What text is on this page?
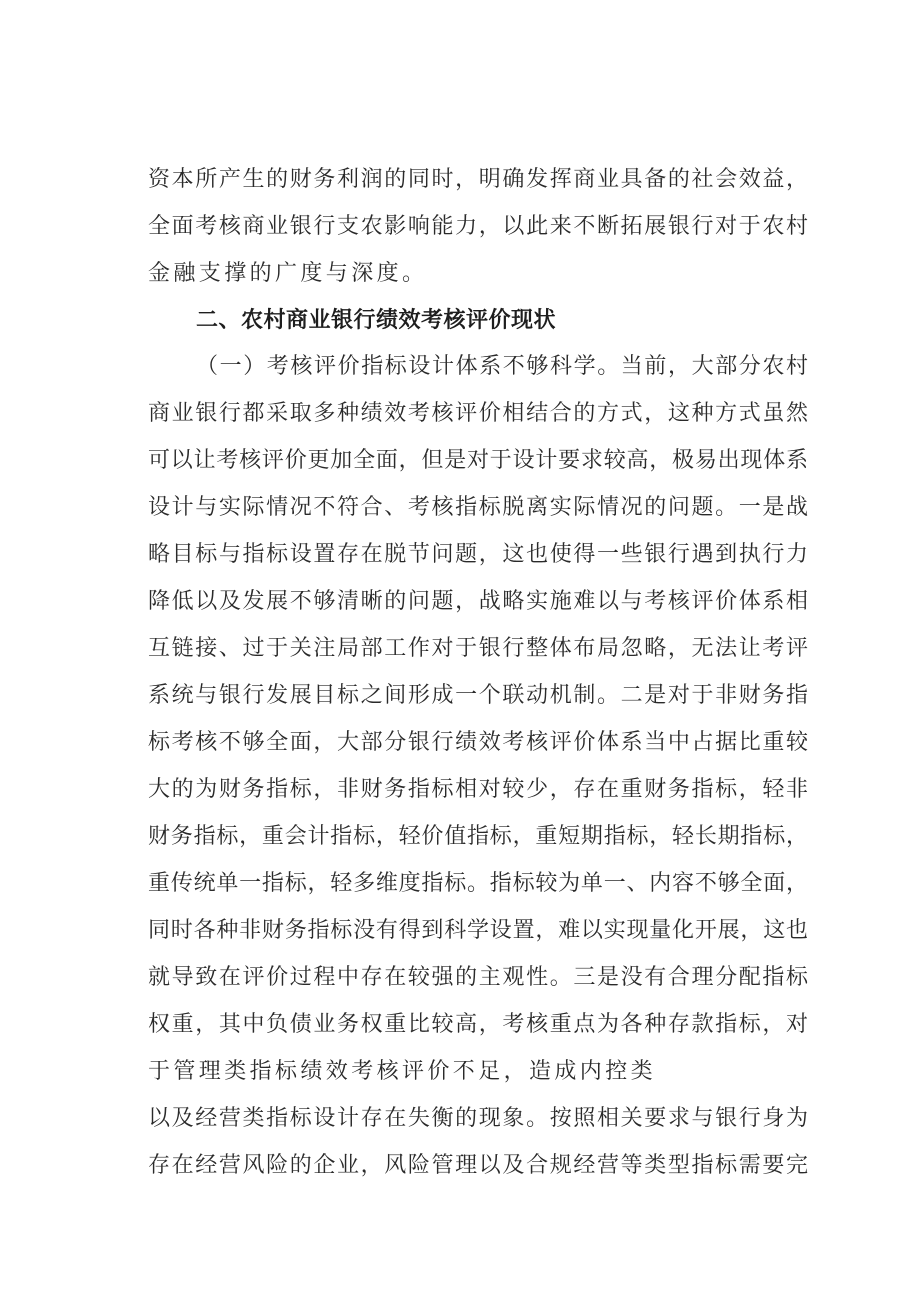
资本所产生的财务利润的同时，明确发挥商业具备的社会效益，
全面考核商业银行支农影响能力，以此来不断拓展银行对于农村
金融支撑的广度与深度。
二、农村商业银行绩效考核评价现状
（一）考核评价指标设计体系不够科学。当前，大部分农村
商业银行都采取多种绩效考核评价相结合的方式，这种方式虽然
可以让考核评价更加全面，但是对于设计要求较高，极易出现体系
设计与实际情况不符合、考核指标脱离实际情况的问题。一是战
略目标与指标设置存在脱节问题，这也使得一些银行遇到执行力
降低以及发展不够清晰的问题，战略实施难以与考核评价体系相
互链接、过于关注局部工作对于银行整体布局忽略，无法让考评
系统与银行发展目标之间形成一个联动机制。二是对于非财务指
标考核不够全面，大部分银行绩效考核评价体系当中占据比重较
大的为财务指标，非财务指标相对较少，存在重财务指标，轻非
财务指标，重会计指标，轻价值指标，重短期指标，轻长期指标，
重传统单一指标，轻多维度指标。指标较为单一、内容不够全面，
同时各种非财务指标没有得到科学设置，难以实现量化开展，这也
就导致在评价过程中存在较强的主观性。三是没有合理分配指标
权重，其中负债业务权重比较高，考核重点为各种存款指标，对
于管理类指标绩效考核评价不足，造成内控类
以及经营类指标设计存在失衡的现象。按照相关要求与银行身为
存在经营风险的企业，风险管理以及合规经营等类型指标需要完
